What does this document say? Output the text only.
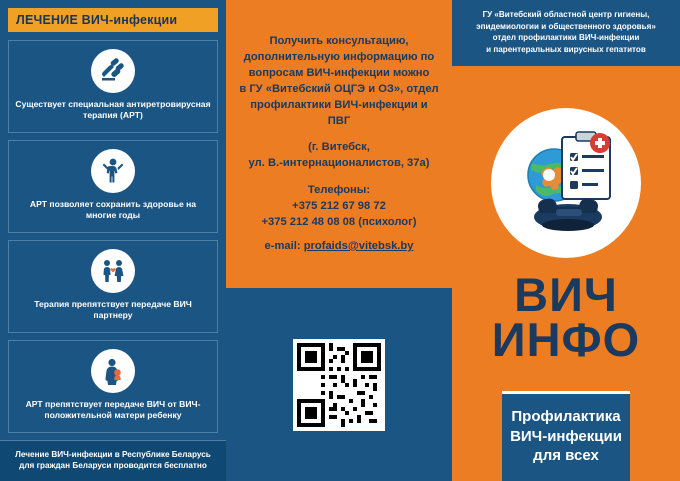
ЛЕЧЕНИЕ ВИЧ-инфекции
Существует специальная антиретровирусная терапия (АРТ)
АРТ позволяет сохранить здоровье на многие годы
Терапия препятствует передаче ВИЧ партнеру
АРТ препятствует передаче ВИЧ от ВИЧ-положительной матери ребенку
Лечение ВИЧ-инфекции в Республике Беларусь для граждан Беларуси проводится бесплатно
Получить консультацию, дополнительную информацию по вопросам ВИЧ-инфекции можно
в ГУ «Витебский ОЦГЭ и ОЗ», отдел профилактики ВИЧ-инфекции и ПВГ
(г. Витебск,
ул. В.-интернационалистов, 37а)
Телефоны:
+375 212 67 98 72
+375 212 48 08 08 (психолог)
e-mail: profaids@vitebsk.by
ГУ «Витебский областной центр гигиены,
эпидемиологии и общественного здоровья»
отдел профилактики ВИЧ-инфекции
и парентеральных вирусных гепатитов
ВИЧ
ИНФО
Профилактика
ВИЧ-инфекции
для всех
